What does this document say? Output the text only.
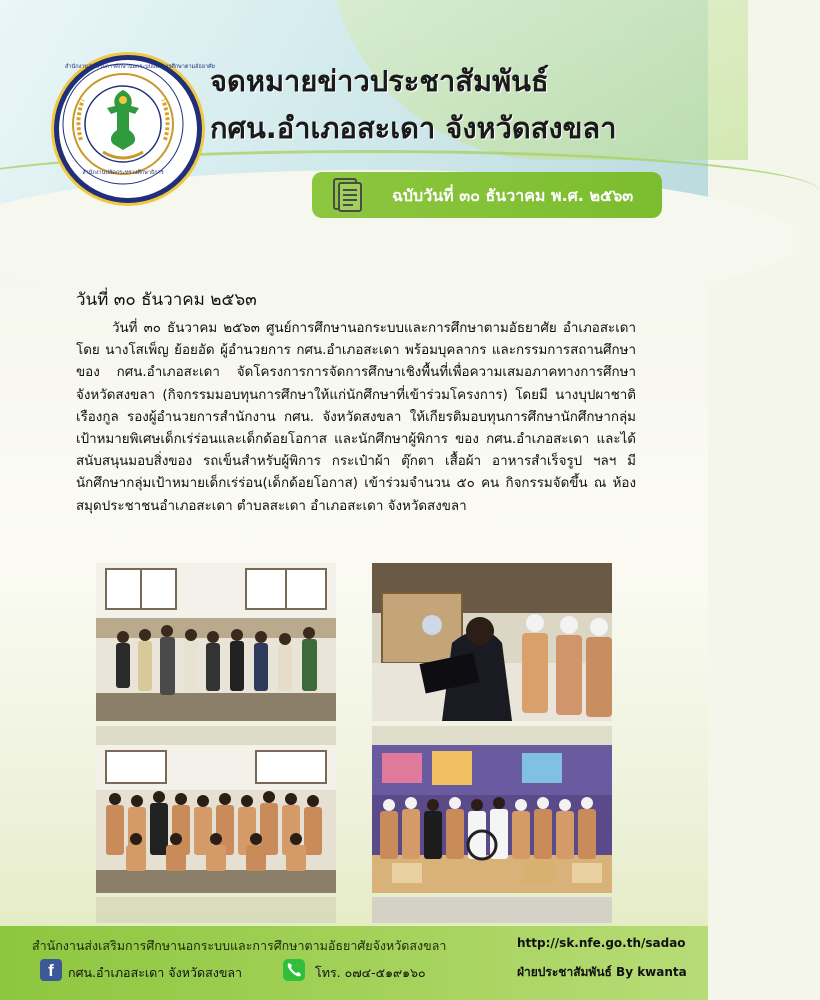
สำนักงานส่งเสริมการศึกษานอกระบบและการศึกษาตามอัธยาศัย
สำนักงานปลัดกระทรวงศึกษาธิการ
จดหมายข่าวประชาสัมพันธ์
กศน.อำเภอสะเดา จังหวัดสงขลา
ฉบับวันที่ ๓๐ ธันวาคม พ.ศ. ๒๕๖๓
วันที่ ๓๐ ธันวาคม ๒๕๖๓
วันที่ ๓๐ ธันวาคม ๒๕๖๓ ศูนย์การศึกษานอกระบบและการศึกษาตามอัธยาศัย อำเภอสะเดา โดย นางโสเพ็ญ ย้อยอัด ผู้อำนวยการ กศน.อำเภอสะเดา พร้อมบุคลากร และกรรมการสถานศึกษา ของ กศน.อำเภอสะเดา จัดโครงการการจัดการศึกษาเชิงพื้นที่เพื่อความเสมอภาคทางการศึกษา จังหวัดสงขลา (กิจกรรมมอบทุนการศึกษาให้แก่นักศึกษาที่เข้าร่วมโครงการ) โดยมี นางบุปผาชาติ เรืองกูล รองผู้อำนวยการสำนักงาน กศน. จังหวัดสงขลา ให้เกียรติมอบทุนการศึกษานักศึกษากลุ่มเป้าหมายพิเศษเด็กเร่ร่อนและเด็กด้อยโอกาส และนักศึกษาผู้พิการ ของ กศน.อำเภอสะเดา และได้สนับสนุนมอบสิ่งของ รถเข็นสำหรับผู้พิการ กระเป๋าผ้า ตุ๊กตา เสื้อผ้า อาหารสำเร็จรูป ฯลฯ มีนักศึกษากลุ่มเป้าหมายเด็กเร่ร่อน(เด็กด้อยโอกาส) เข้าร่วมจำนวน ๕๐ คน กิจกรรมจัดขึ้น ณ ห้องสมุดประชาชนอำเภอสะเดา ตำบลสะเดา อำเภอสะเดา จังหวัดสงขลา
สำนักงานส่งเสริมการศึกษานอกระบบและการศึกษาตามอัธยาศัยจังหวัดสงขลา
f	กศน.อำเภอสะเดา จังหวัดสงขลา	โทร. ๐๗๔-๕๑๙๑๖๐
http://sk.nfe.go.th/sadao
ฝ่ายประชาสัมพันธ์ By kwanta
